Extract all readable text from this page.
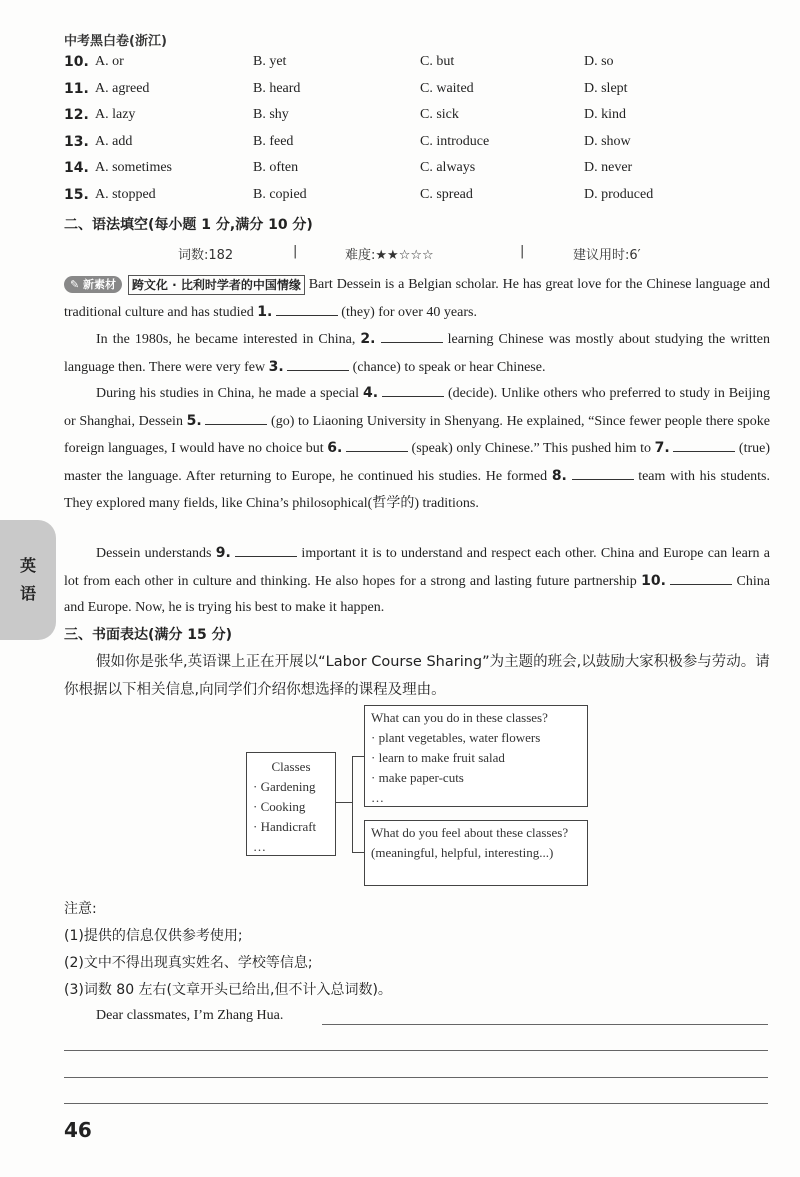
中考黑白卷(浙江)
10. A. or	B. yet	C. but	D. so
11. A. agreed	B. heard	C. waited	D. slept
12. A. lazy	B. shy	C. sick	D. kind
13. A. add	B. feed	C. introduce	D. show
14. A. sometimes	B. often	C. always	D. never
15. A. stopped	B. copied	C. spread	D. produced
二、语法填空(每小题 1 分,满分 10 分)
词数:182	|	难度:★★☆☆☆	|	建议用时:6′
✎ 新素材 跨文化 · 比利时学者的中国情缘 Bart Dessein is a Belgian scholar. He has great love for the Chinese language and traditional culture and has studied 1.	(they) for over 40 years.
In the 1980s, he became interested in China, 2.	learning Chinese was mostly about studying the written language then. There were very few 3.	(chance) to speak or hear Chinese.
During his studies in China, he made a special 4.	(decide). Unlike others who preferred to study in Beijing or Shanghai, Dessein 5.	(go) to Liaoning University in Shenyang. He explained, “Since fewer people there spoke foreign languages, I would have no choice but 6.	(speak) only Chinese.” This pushed him to 7.	(true) master the language. After returning to Europe, he continued his studies. He formed 8.	team with his students. They explored many fields, like China’s philosophical(哲学的) traditions.
Dessein understands 9.	important it is to understand and respect each other. China and Europe can learn a lot from each other in culture and thinking. He also hopes for a strong and lasting future partnership 10.	China and Europe. Now, he is trying his best to make it happen.
英
语
三、书面表达(满分 15 分)
假如你是张华,英语课上正在开展以“Labor Course Sharing”为主题的班会,以鼓励大家积极参与劳动。请你根据以下相关信息,向同学们介绍你想选择的课程及理由。
Classes
· Gardening
· Cooking
· Handicraft
…
What can you do in these classes?
· plant vegetables, water flowers
· learn to make fruit salad
· make paper-cuts
…
What do you feel about these classes?
(meaningful, helpful, interesting...)
注意:
(1)提供的信息仅供参考使用;
(2)文中不得出现真实姓名、学校等信息;
(3)词数 80 左右(文章开头已给出,但不计入总词数)。
Dear classmates, I’m Zhang Hua.
46
